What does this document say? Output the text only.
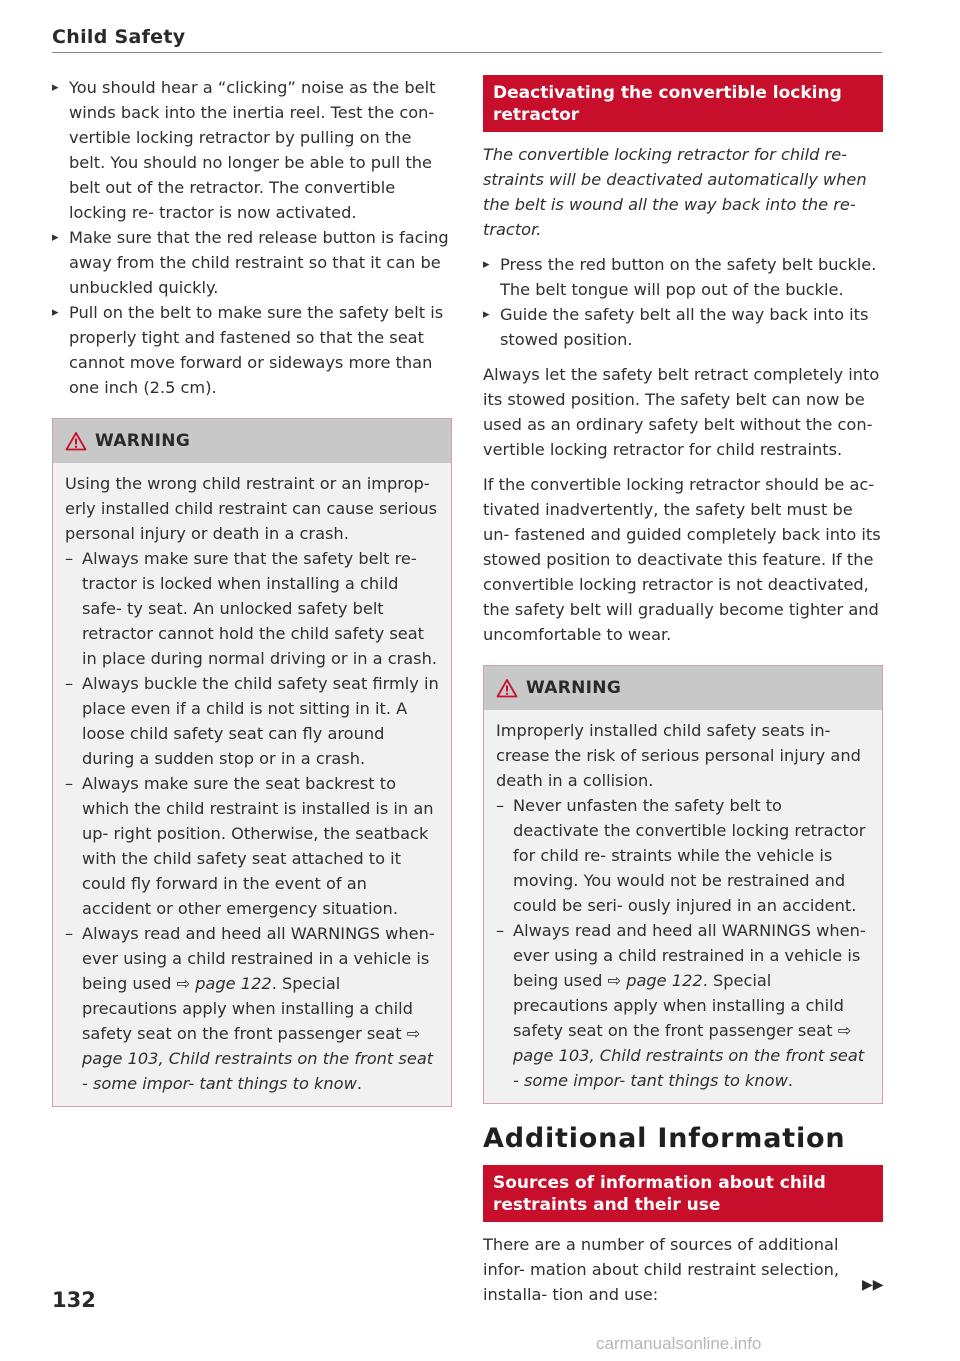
Child Safety

▸ You should hear a “clicking” noise as the belt winds back into the inertia reel. Test the con- vertible locking retractor by pulling on the belt. You should no longer be able to pull the belt out of the retractor. The convertible locking re- tractor is now activated.

▸ Make sure that the red release button is facing away from the child restraint so that it can be unbuckled quickly.

▸ Pull on the belt to make sure the safety belt is properly tight and fastened so that the seat cannot move forward or sideways more than one inch (2.5 cm).

WARNING

Using the wrong child restraint or an improp- erly installed child restraint can cause serious personal injury or death in a crash.

– Always make sure that the safety belt re- tractor is locked when installing a child safe- ty seat. An unlocked safety belt retractor cannot hold the child safety seat in place during normal driving or in a crash.

– Always buckle the child safety seat firmly in place even if a child is not sitting in it. A loose child safety seat can fly around during a sudden stop or in a crash.

– Always make sure the seat backrest to which the child restraint is installed is in an up- right position. Otherwise, the seatback with the child safety seat attached to it could fly forward in the event of an accident or other emergency situation.

– Always read and heed all WARNINGS when- ever using a child restrained in a vehicle is being used ⇨ page 122. Special precautions apply when installing a child safety seat on the front passenger seat ⇨ page 103, Child restraints on the front seat - some impor- tant things to know.

Deactivating the convertible locking retractor

The convertible locking retractor for child re- straints will be deactivated automatically when the belt is wound all the way back into the re- tractor.

▸ Press the red button on the safety belt buckle. The belt tongue will pop out of the buckle.

▸ Guide the safety belt all the way back into its stowed position.

Always let the safety belt retract completely into its stowed position. The safety belt can now be used as an ordinary safety belt without the con- vertible locking retractor for child restraints.

If the convertible locking retractor should be ac- tivated inadvertently, the safety belt must be un- fastened and guided completely back into its stowed position to deactivate this feature. If the convertible locking retractor is not deactivated, the safety belt will gradually become tighter and uncomfortable to wear.

WARNING

Improperly installed child safety seats in- crease the risk of serious personal injury and death in a collision.

– Never unfasten the safety belt to deactivate the convertible locking retractor for child re- straints while the vehicle is moving. You would not be restrained and could be seri- ously injured in an accident.

– Always read and heed all WARNINGS when- ever using a child restrained in a vehicle is being used ⇨ page 122. Special precautions apply when installing a child safety seat on the front passenger seat ⇨ page 103, Child restraints on the front seat - some impor- tant things to know.

Additional Information
Sources of information about child restraints and their use

There are a number of sources of additional infor- mation about child restraint selection, installa- tion and use:	▶▶
132
carmanualsonline.info
